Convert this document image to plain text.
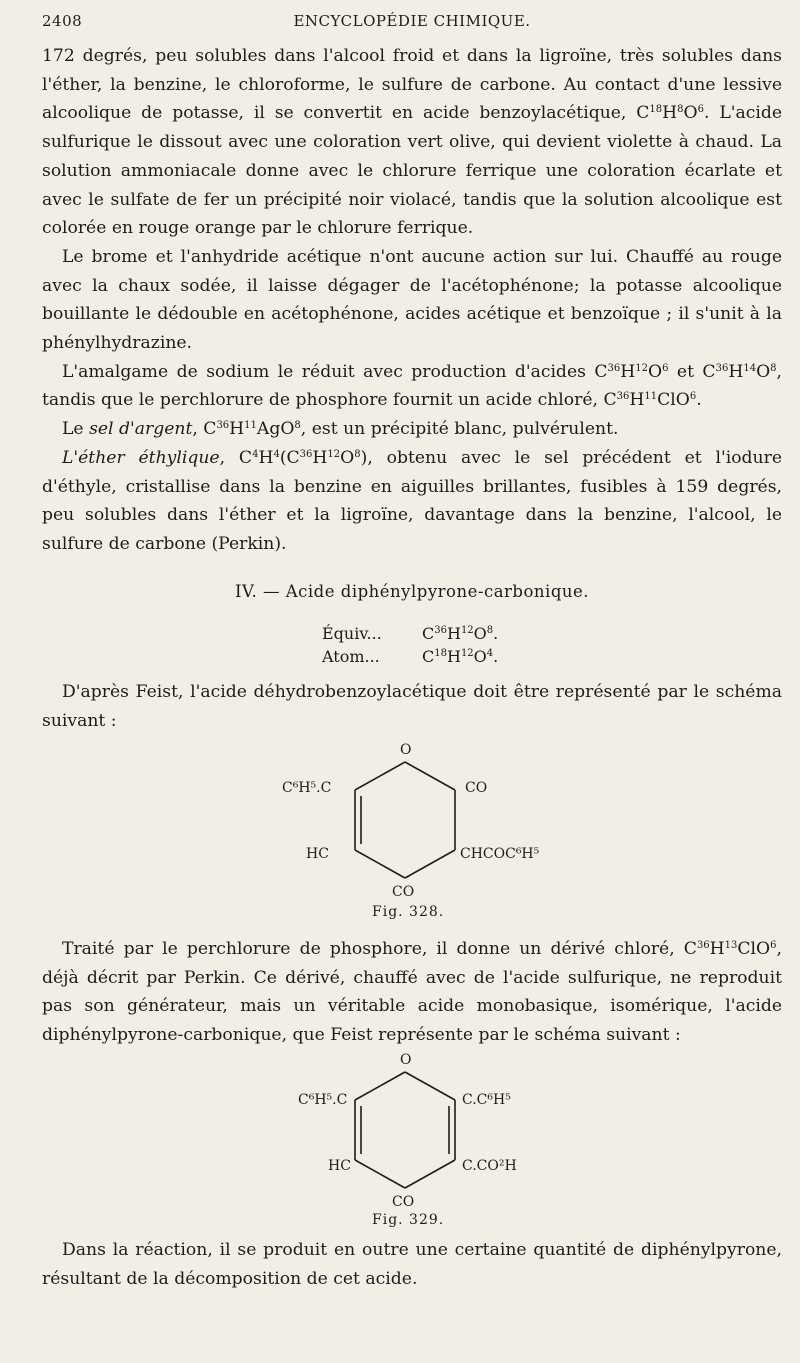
2408	ENCYCLOPÉDIE CHIMIQUE.

172 degrés, peu solubles dans l'alcool froid et dans la ligroïne, très solubles dans l'éther, la benzine, le chloroforme, le sulfure de carbone. Au contact d'une lessive alcoolique de potasse, il se convertit en acide benzoylacétique, $C^{18}H^8O^6$. L'acide sulfurique le dissout avec une coloration vert olive, qui devient violette à chaud. La solution ammoniacale donne avec le chlorure ferrique une coloration écarlate et avec le sulfate de fer un précipité noir violacé, tandis que la solution alcoolique est colorée en rouge orange par le chlorure ferrique.

Le brome et l'anhydride acétique n'ont aucune action sur lui. Chauffé au rouge avec la chaux sodée, il laisse dégager de l'acétophénone; la potasse alcoolique bouillante le dédouble en acétophénone, acides acétique et benzoïque ; il s'unit à la phénylhydrazine.

L'amalgame de sodium le réduit avec production d'acides $C^{36}H^{12}O^6$ et $C^{36}H^{14}O^8$, tandis que le perchlorure de phosphore fournit un acide chloré, $C^{36}H^{11}ClO^6$.

Le sel d'argent, $C^{36}H^{11}AgO^8$, est un précipité blanc, pulvérulent.

L'éther éthylique, $C^4H^4(C^{36}H^{12}O^8)$, obtenu avec le sel précédent et l'iodure d'éthyle, cristallise dans la benzine en aiguilles brillantes, fusibles à 159 degrés, peu solubles dans l'éther et la ligroïne, davantage dans la benzine, l'alcool, le sulfure de carbone (Perkin).

IV. — Acide diphénylpyrone-carbonique.
Équiv...	$C^{36}H^{12}O^8$.
Atom...	$C^{18}H^{12}O^4$.

D'après Feist, l'acide déhydrobenzoylacétique doit être représenté par le schéma suivant :

O
C⁶H⁵.C	CO
HC	CHCOC⁶H⁵
CO
Fig. 328.

Traité par le perchlorure de phosphore, il donne un dérivé chloré, $C^{36}H^{13}ClO^6$, déjà décrit par Perkin. Ce dérivé, chauffé avec de l'acide sulfurique, ne reproduit pas son générateur, mais un véritable acide monobasique, isomérique, l'acide diphénylpyrone-carbonique, que Feist représente par le schéma suivant :

O
C⁶H⁵.C	C.C⁶H⁵
HC	C.CO²H
CO
Fig. 329.

Dans la réaction, il se produit en outre une certaine quantité de diphénylpyrone, résultant de la décomposition de cet acide.
